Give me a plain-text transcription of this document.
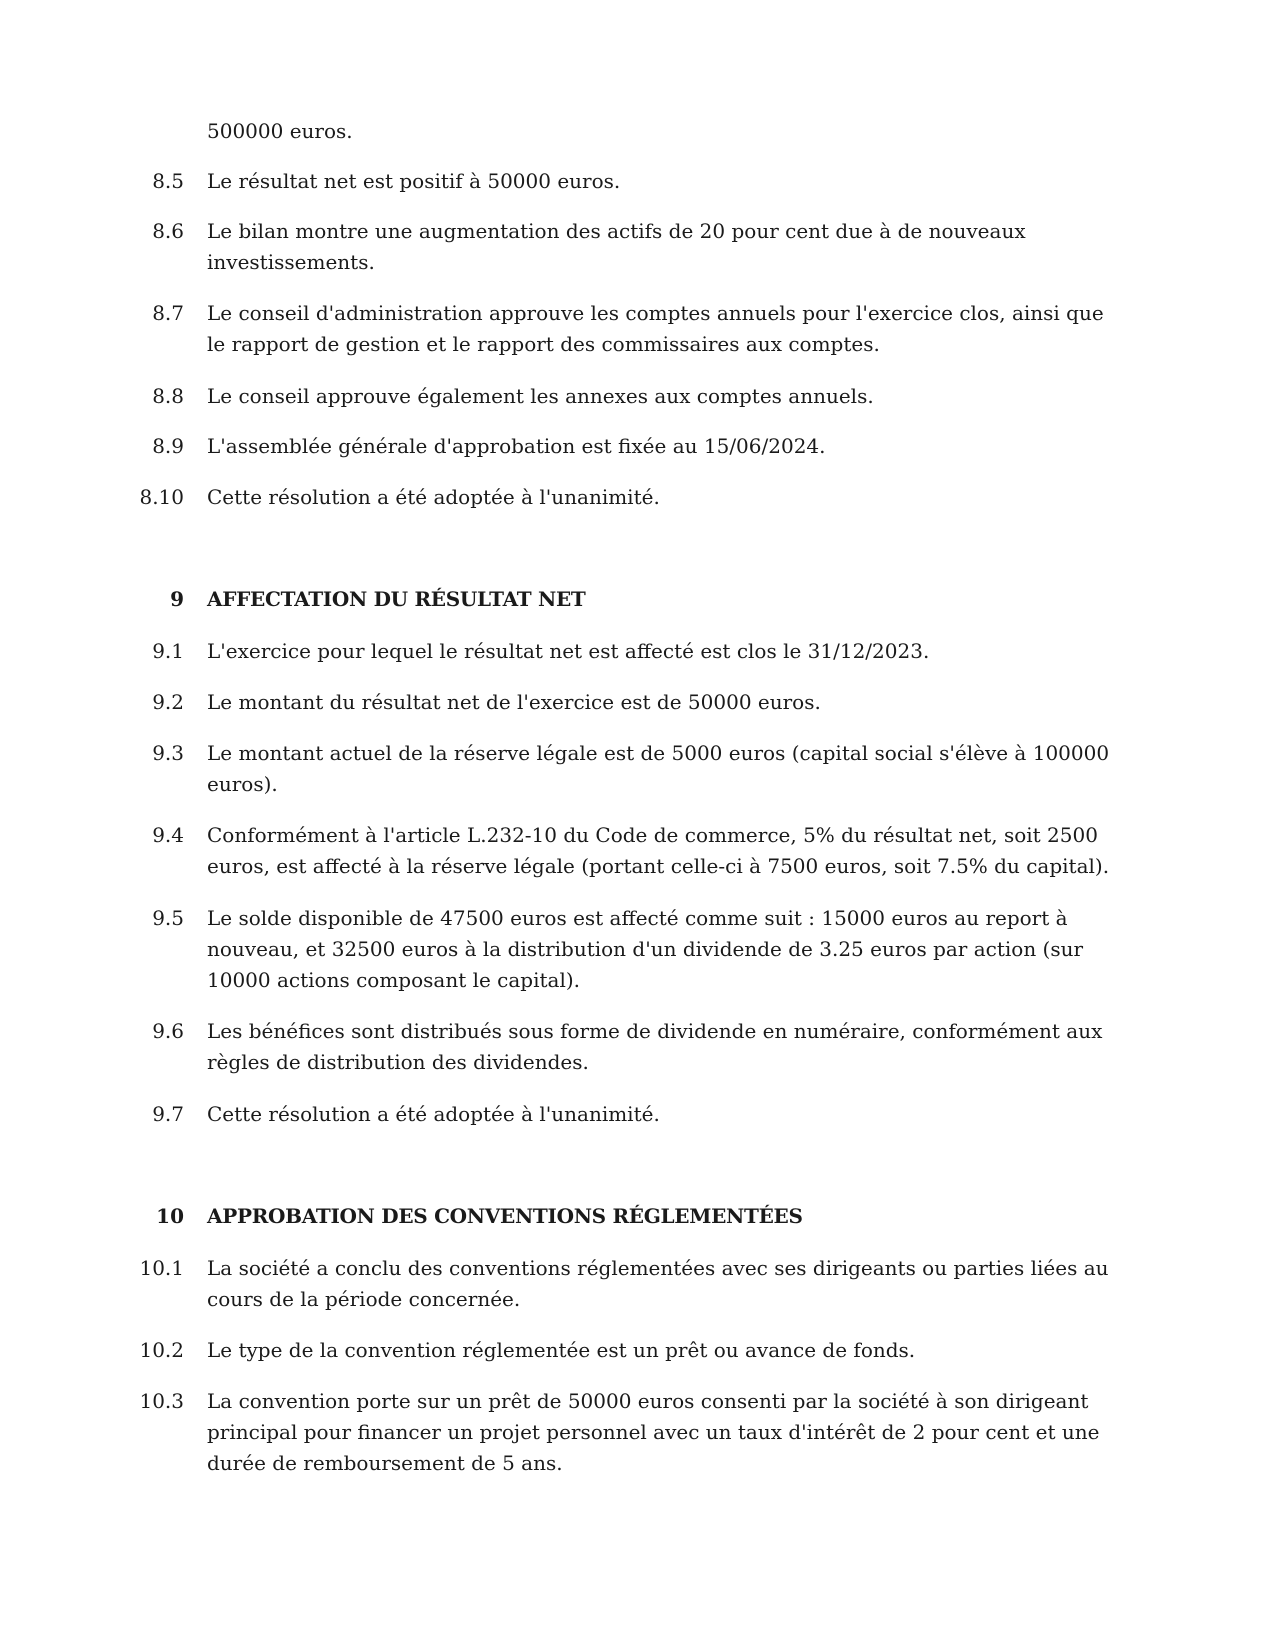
500000 euros.
8.5 Le résultat net est positif à 50000 euros.
8.6 Le bilan montre une augmentation des actifs de 20 pour cent due à de nouveaux investissements.
8.7 Le conseil d'administration approuve les comptes annuels pour l'exercice clos, ainsi que le rapport de gestion et le rapport des commissaires aux comptes.
8.8 Le conseil approuve également les annexes aux comptes annuels.
8.9 L'assemblée générale d'approbation est fixée au 15/06/2024.
8.10 Cette résolution a été adoptée à l'unanimité.
9 AFFECTATION DU RÉSULTAT NET
9.1 L'exercice pour lequel le résultat net est affecté est clos le 31/12/2023.
9.2 Le montant du résultat net de l'exercice est de 50000 euros.
9.3 Le montant actuel de la réserve légale est de 5000 euros (capital social s'élève à 100000 euros).
9.4 Conformément à l'article L.232-10 du Code de commerce, 5% du résultat net, soit 2500 euros, est affecté à la réserve légale (portant celle-ci à 7500 euros, soit 7.5% du capital).
9.5 Le solde disponible de 47500 euros est affecté comme suit : 15000 euros au report à nouveau, et 32500 euros à la distribution d'un dividende de 3.25 euros par action (sur 10000 actions composant le capital).
9.6 Les bénéfices sont distribués sous forme de dividende en numéraire, conformément aux règles de distribution des dividendes.
9.7 Cette résolution a été adoptée à l'unanimité.
10 APPROBATION DES CONVENTIONS RÉGLEMENTÉES
10.1 La société a conclu des conventions réglementées avec ses dirigeants ou parties liées au cours de la période concernée.
10.2 Le type de la convention réglementée est un prêt ou avance de fonds.
10.3 La convention porte sur un prêt de 50000 euros consenti par la société à son dirigeant principal pour financer un projet personnel avec un taux d'intérêt de 2 pour cent et une durée de remboursement de 5 ans.
